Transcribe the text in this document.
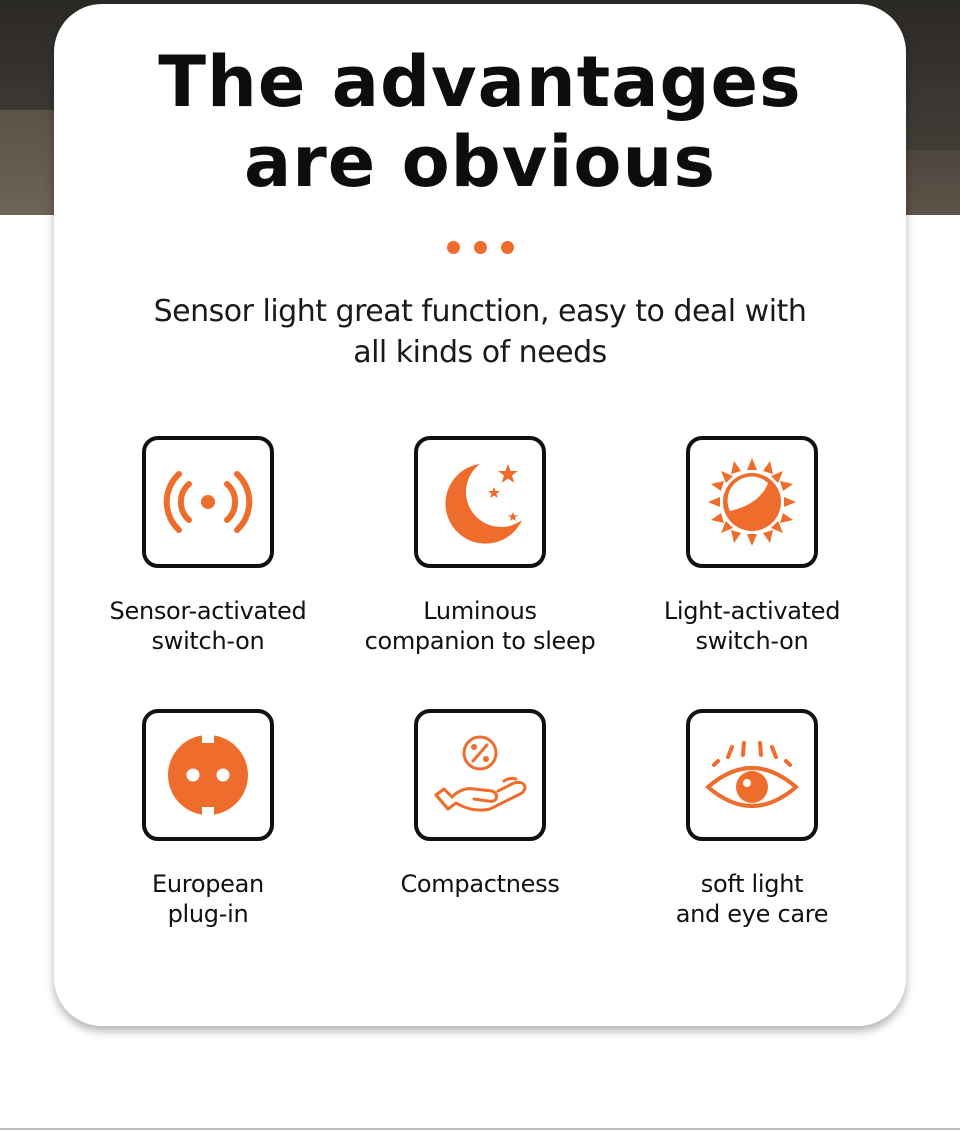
The advantages
are obvious

Sensor light great function, easy to deal with
all kinds of needs

Sensor-activated
switch-on
Luminous
companion to sleep
Light-activated
switch-on
European
plug-in
Compactness	soft light
and eye care
